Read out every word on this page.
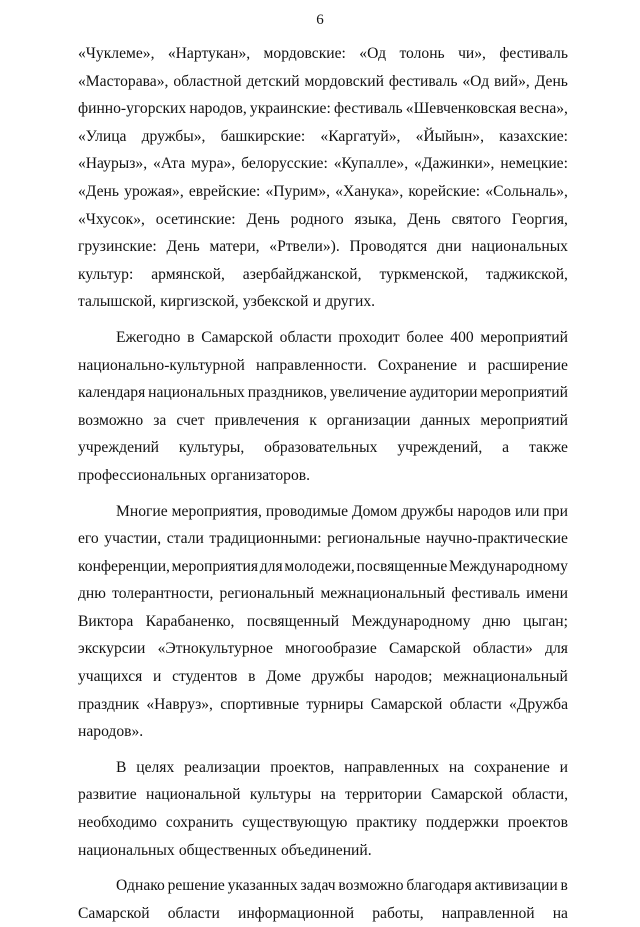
6
«Чуклеме», «Нартукан», мордовские: «Од толонь чи», фестиваль
«Масторава», областной детский мордовский фестиваль «Од вий», День
финно-угорских народов, украинские: фестиваль «Шевченковская весна»,
«Улица дружбы», башкирские: «Каргатуй», «Йыйын», казахские:
«Наурыз», «Ата мура», белорусские: «Купалле», «Дажинки», немецкие:
«День урожая», еврейские: «Пурим», «Ханука», корейские: «Сольналь»,
«Чхусок», осетинские: День родного языка, День святого Георгия,
грузинские: День матери, «Ртвели»). Проводятся дни национальных
культур: армянской, азербайджанской, туркменской, таджикской,
талышской, киргизской, узбекской и других.
Ежегодно в Самарской области проходит более 400 мероприятий
национально-культурной направленности. Сохранение и расширение
календаря национальных праздников, увеличение аудитории мероприятий
возможно за счет привлечения к организации данных мероприятий
учреждений культуры, образовательных учреждений, а также
профессиональных организаторов.
Многие мероприятия, проводимые Домом дружбы народов или при
его участии, стали традиционными: региональные научно-практические
конференции, мероприятия для молодежи, посвященные Международному
дню толерантности, региональный межнациональный фестиваль имени
Виктора Карабаненко, посвященный Международному дню цыган;
экскурсии «Этнокультурное многообразие Самарской области» для
учащихся и студентов в Доме дружбы народов; межнациональный
праздник «Навруз», спортивные турниры Самарской области «Дружба
народов».
В целях реализации проектов, направленных на сохранение и
развитие национальной культуры на территории Самарской области,
необходимо сохранить существующую практику поддержки проектов
национальных общественных объединений.
Однако решение указанных задач возможно благодаря активизации в
Самарской области информационной работы, направленной на
